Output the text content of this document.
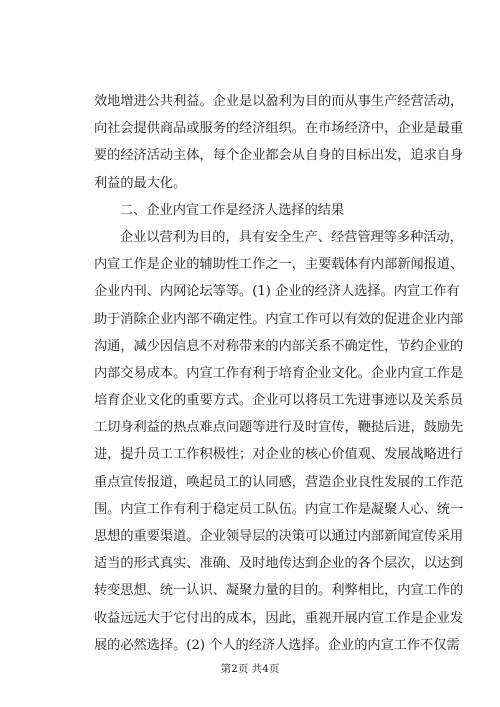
效地增进公共利益。企业是以盈利为目的而从事生产经营活动，
向社会提供商品或服务的经济组织。在市场经济中，企业是最重
要的经济活动主体，每个企业都会从自身的目标出发，追求自身
利益的最大化。
二、企业内宣工作是经济人选择的结果
企业以营利为目的，具有安全生产、经营管理等多种活动，
内宣工作是企业的辅助性工作之一，主要载体有内部新闻报道、
企业内刊、内网论坛等等。(1) 企业的经济人选择。内宣工作有
助于消除企业内部不确定性。内宣工作可以有效的促进企业内部
沟通，减少因信息不对称带来的内部关系不确定性，节约企业的
内部交易成本。内宣工作有利于培育企业文化。企业内宣工作是
培育企业文化的重要方式。企业可以将员工先进事迹以及关系员
工切身利益的热点难点问题等进行及时宣传，鞭挞后进，鼓励先
进，提升员工工作积极性；对企业的核心价值观、发展战略进行
重点宣传报道，唤起员工的认同感，营造企业良性发展的工作范
围。内宣工作有利于稳定员工队伍。内宣工作是凝聚人心、统一
思想的重要渠道。企业领导层的决策可以通过内部新闻宣传采用
适当的形式真实、准确、及时地传达到企业的各个层次，以达到
转变思想、统一认识、凝聚力量的目的。利弊相比，内宣工作的
收益远远大于它付出的成本，因此，重视开展内宣工作是企业发
展的必然选择。(2) 个人的经济人选择。企业的内宣工作不仅需
第2页 共4页
